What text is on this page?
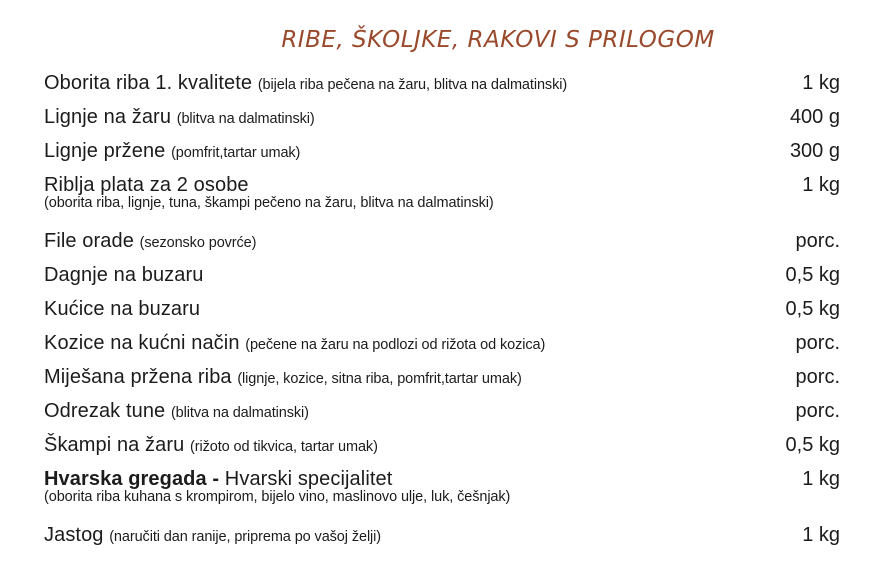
RIBE, ŠKOLJKE, RAKOVI S PRILOGOM
Oborita riba 1. kvalitete (bijela riba pečena na žaru, blitva na dalmatinski)	1 kg
Lignje na žaru (blitva na dalmatinski)	400 g
Lignje pržene (pomfrit,tartar umak)	300 g
Riblja plata za 2 osobe	1 kg
(oborita riba, lignje, tuna, škampi pečeno na žaru, blitva na dalmatinski)
File orade (sezonsko povrće)	porc.
Dagnje na buzaru	0,5 kg
Kućice na buzaru	0,5 kg
Kozice na kućni način (pečene na žaru na podlozi od rižota od kozica)	porc.
Miješana pržena riba (lignje, kozice, sitna riba, pomfrit,tartar umak)	porc.
Odrezak tune (blitva na dalmatinski)	porc.
Škampi na žaru (rižoto od tikvica, tartar umak)	0,5 kg
Hvarska gregada - Hvarski specijalitet	1 kg
(oborita riba kuhana s krompirom, bijelo vino, maslinovo ulje, luk, češnjak)
Jastog (naručiti dan ranije, priprema po vašoj želji)	1 kg
